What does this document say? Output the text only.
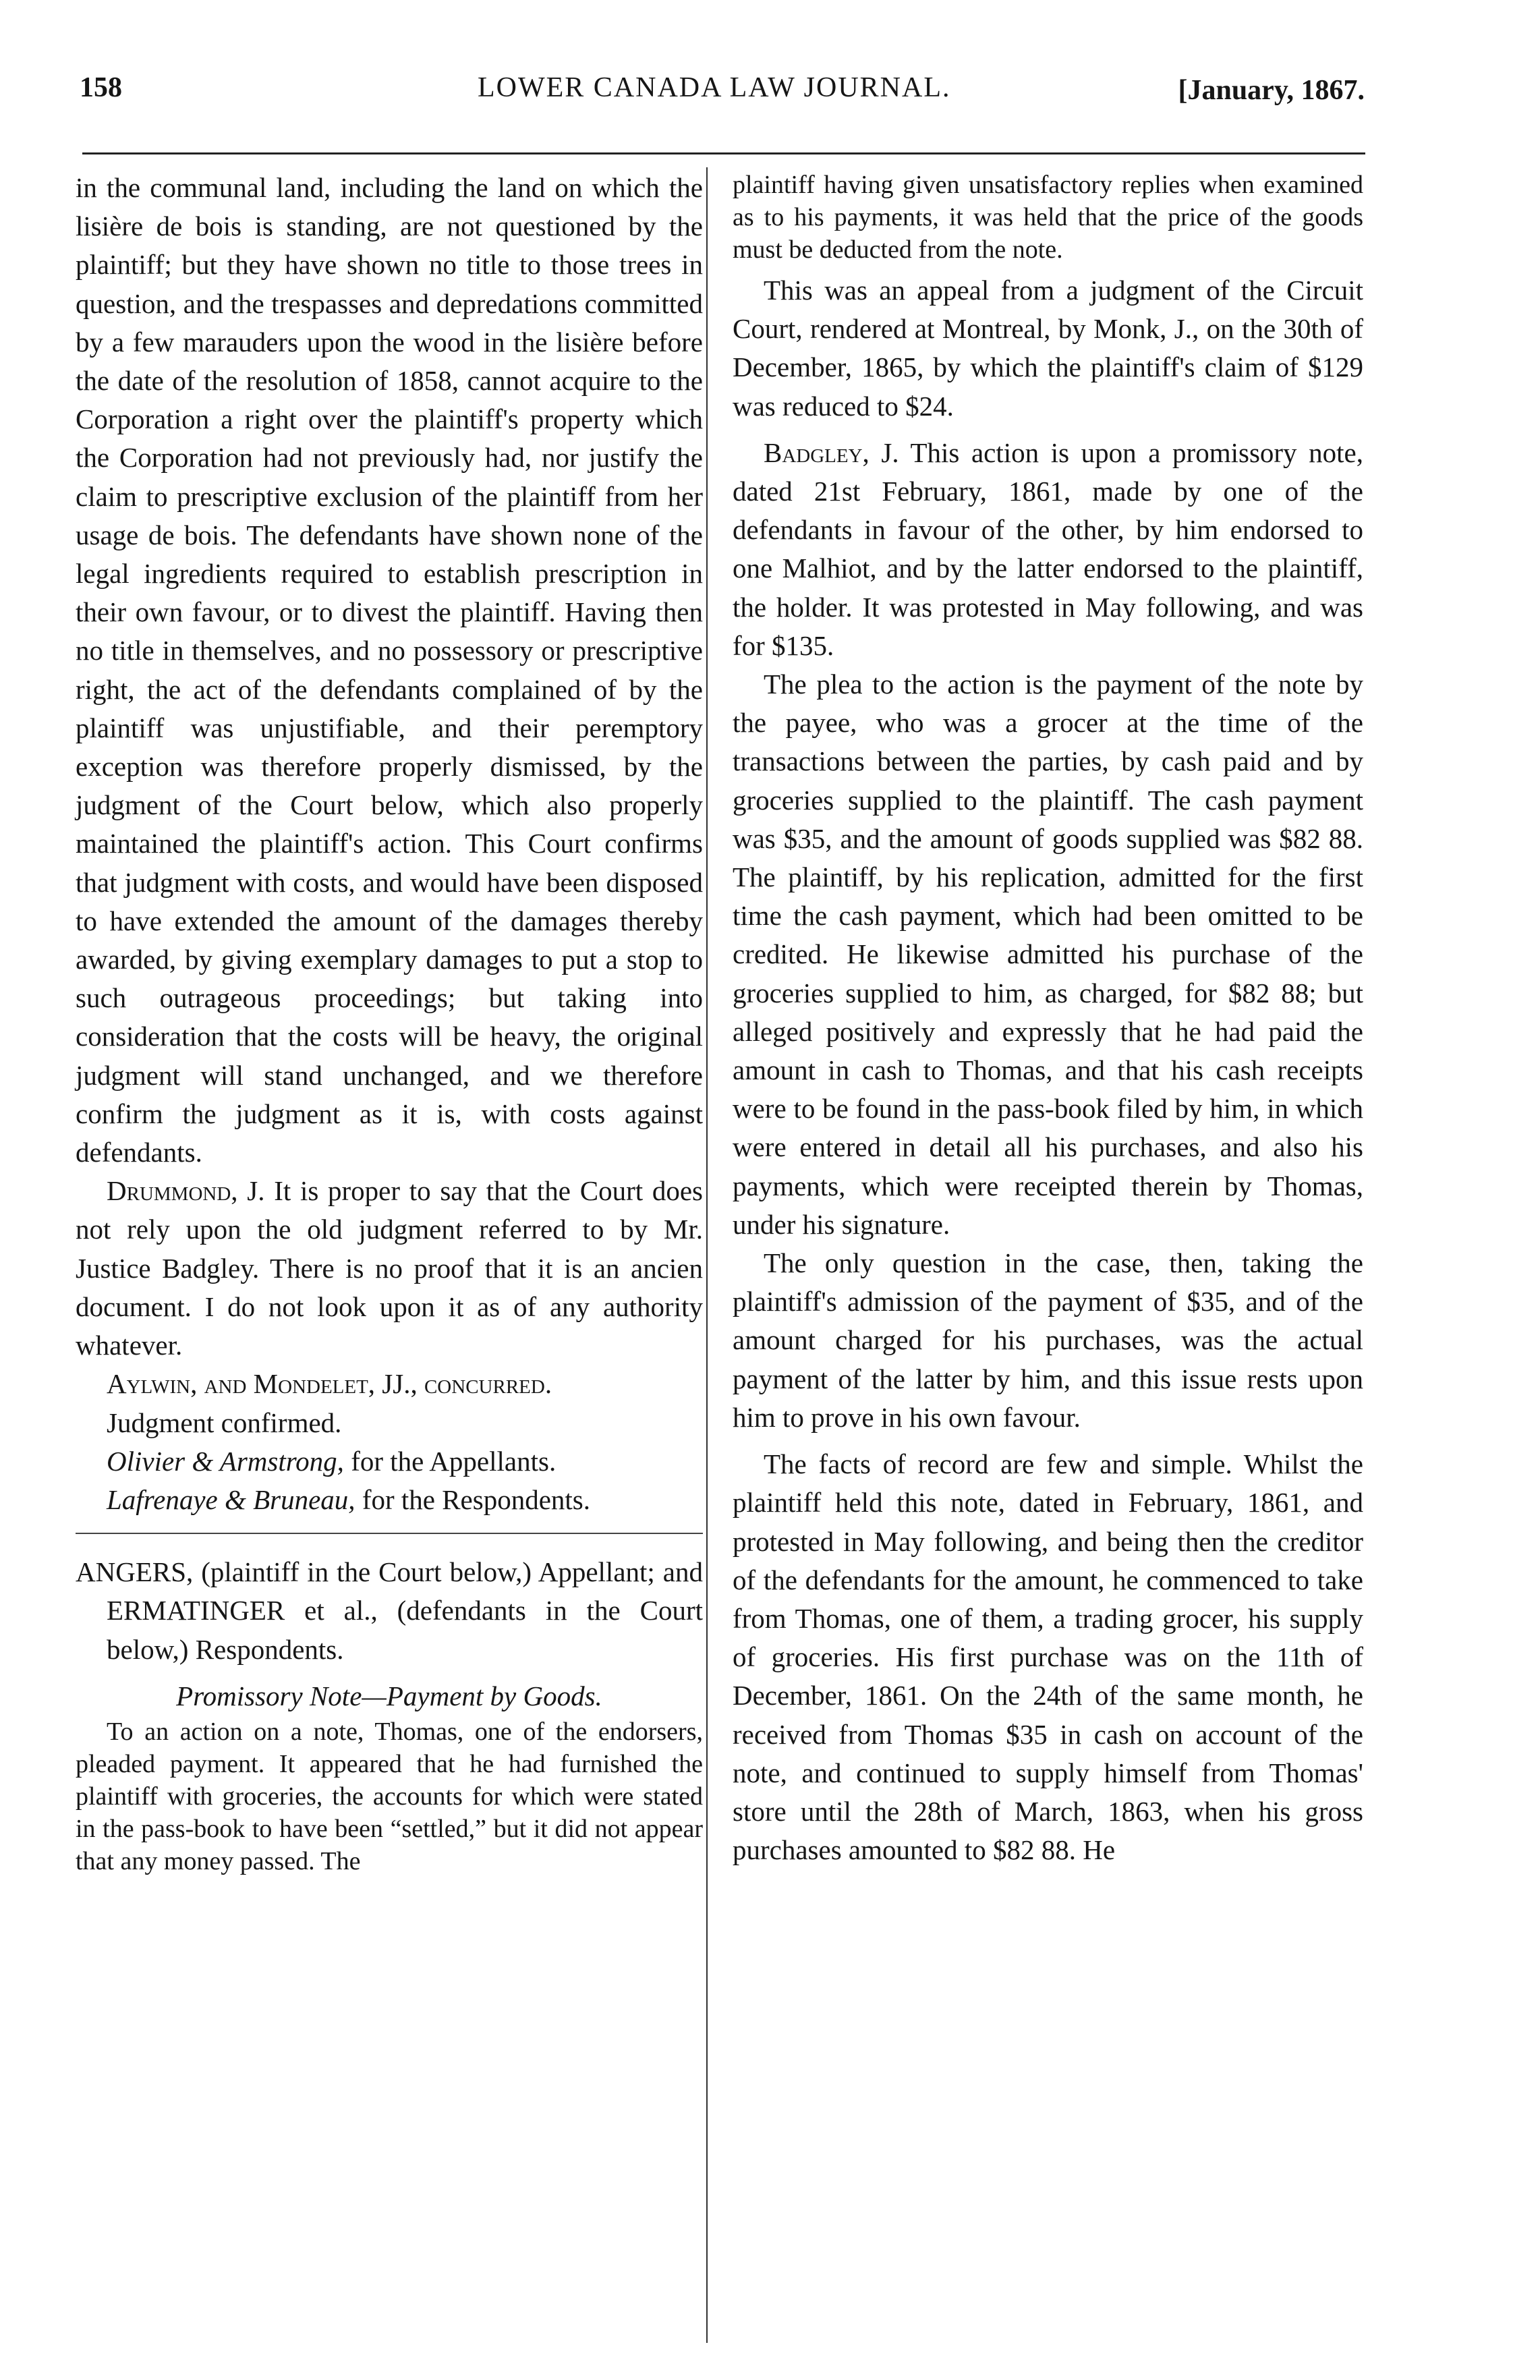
158	LOWER CANADA LAW JOURNAL.	[January, 1867.

in the communal land, including the land on which the lisière de bois is standing, are not questioned by the plaintiff; but they have shown no title to those trees in question, and the trespasses and depredations committed by a few marauders upon the wood in the lisière before the date of the resolution of 1858, cannot acquire to the Corporation a right over the plaintiff's property which the Corporation had not previously had, nor justify the claim to prescriptive exclusion of the plaintiff from her usage de bois. The defendants have shown none of the legal ingredients required to establish prescription in their own favour, or to divest the plaintiff. Having then no title in themselves, and no possessory or prescriptive right, the act of the defendants complained of by the plaintiff was unjustifiable, and their peremptory exception was therefore properly dismissed, by the judgment of the Court below, which also properly maintained the plaintiff's action. This Court confirms that judgment with costs, and would have been disposed to have extended the amount of the damages thereby awarded, by giving exemplary damages to put a stop to such outrageous proceedings; but taking into consideration that the costs will be heavy, the original judgment will stand unchanged, and we therefore confirm the judgment as it is, with costs against defendants.

Drummond, J. It is proper to say that the Court does not rely upon the old judgment referred to by Mr. Justice Badgley. There is no proof that it is an ancien document. I do not look upon it as of any authority whatever.

Aylwin, and Mondelet, JJ., concurred.

Judgment confirmed.

Olivier & Armstrong, for the Appellants.

Lafrenaye & Bruneau, for the Respondents.

ANGERS, (plaintiff in the Court below,) Appellant; and ERMATINGER et al., (defendants in the Court below,) Respondents.

Promissory Note—Payment by Goods.

To an action on a note, Thomas, one of the endorsers, pleaded payment. It appeared that he had furnished the plaintiff with groceries, the accounts for which were stated in the pass-book to have been “settled,” but it did not appear that any money passed. The

plaintiff having given unsatisfactory replies when examined as to his payments, it was held that the price of the goods must be deducted from the note.

This was an appeal from a judgment of the Circuit Court, rendered at Montreal, by Monk, J., on the 30th of December, 1865, by which the plaintiff's claim of $129 was reduced to $24.

Badgley, J. This action is upon a promissory note, dated 21st February, 1861, made by one of the defendants in favour of the other, by him endorsed to one Malhiot, and by the latter endorsed to the plaintiff, the holder. It was protested in May following, and was for $135.

The plea to the action is the payment of the note by the payee, who was a grocer at the time of the transactions between the parties, by cash paid and by groceries supplied to the plaintiff. The cash payment was $35, and the amount of goods supplied was $82 88. The plaintiff, by his replication, admitted for the first time the cash payment, which had been omitted to be credited. He likewise admitted his purchase of the groceries supplied to him, as charged, for $82 88; but alleged positively and expressly that he had paid the amount in cash to Thomas, and that his cash receipts were to be found in the pass-book filed by him, in which were entered in detail all his purchases, and also his payments, which were receipted therein by Thomas, under his signature.

The only question in the case, then, taking the plaintiff's admission of the payment of $35, and of the amount charged for his purchases, was the actual payment of the latter by him, and this issue rests upon him to prove in his own favour.

The facts of record are few and simple. Whilst the plaintiff held this note, dated in February, 1861, and protested in May following, and being then the creditor of the defendants for the amount, he commenced to take from Thomas, one of them, a trading grocer, his supply of groceries. His first purchase was on the 11th of December, 1861. On the 24th of the same month, he received from Thomas $35 in cash on account of the note, and continued to supply himself from Thomas' store until the 28th of March, 1863, when his gross purchases amounted to $82 88. He
